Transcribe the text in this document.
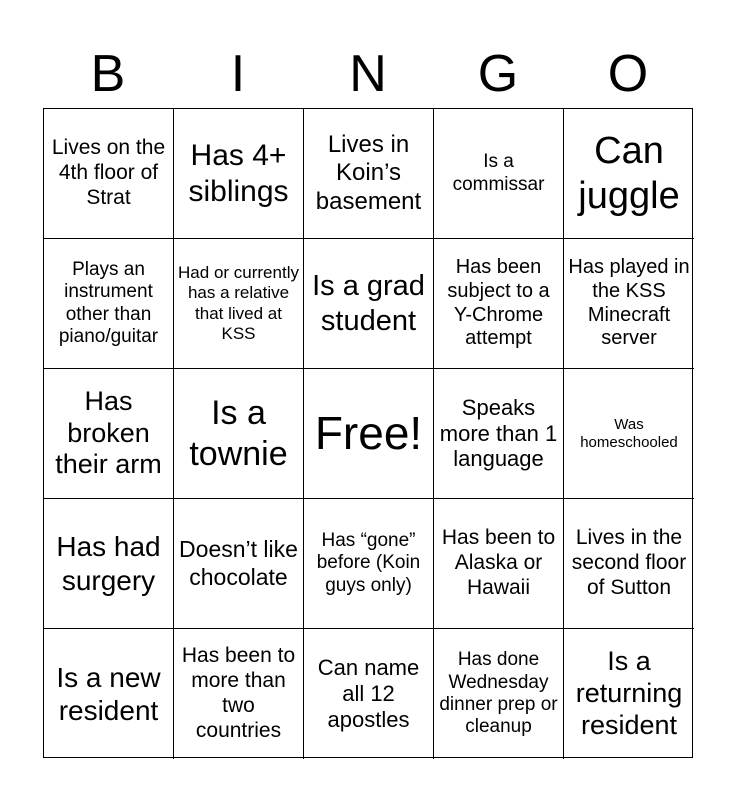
B	I	N	G	O
Lives on the 4th floor of Strat
Has 4+ siblings
Lives in Koin’s basement
Is a commissar
Can juggle
Plays an instrument other than piano/guitar
Had or currently has a relative that lived at KSS
Is a grad student
Has been subject to a Y-Chrome attempt
Has played in the KSS Minecraft server
Has broken their arm
Is a townie Free!
Speaks more than 1 language
Was homeschooled
Has had surgery
Doesn’t like chocolate
Has “gone” before (Koin guys only)
Has been to Alaska or Hawaii
Lives in the second floor of Sutton
Is a new resident
Has been to more than two countries
Can name all 12 apostles
Has done Wednesday dinner prep or cleanup
Is a returning resident
